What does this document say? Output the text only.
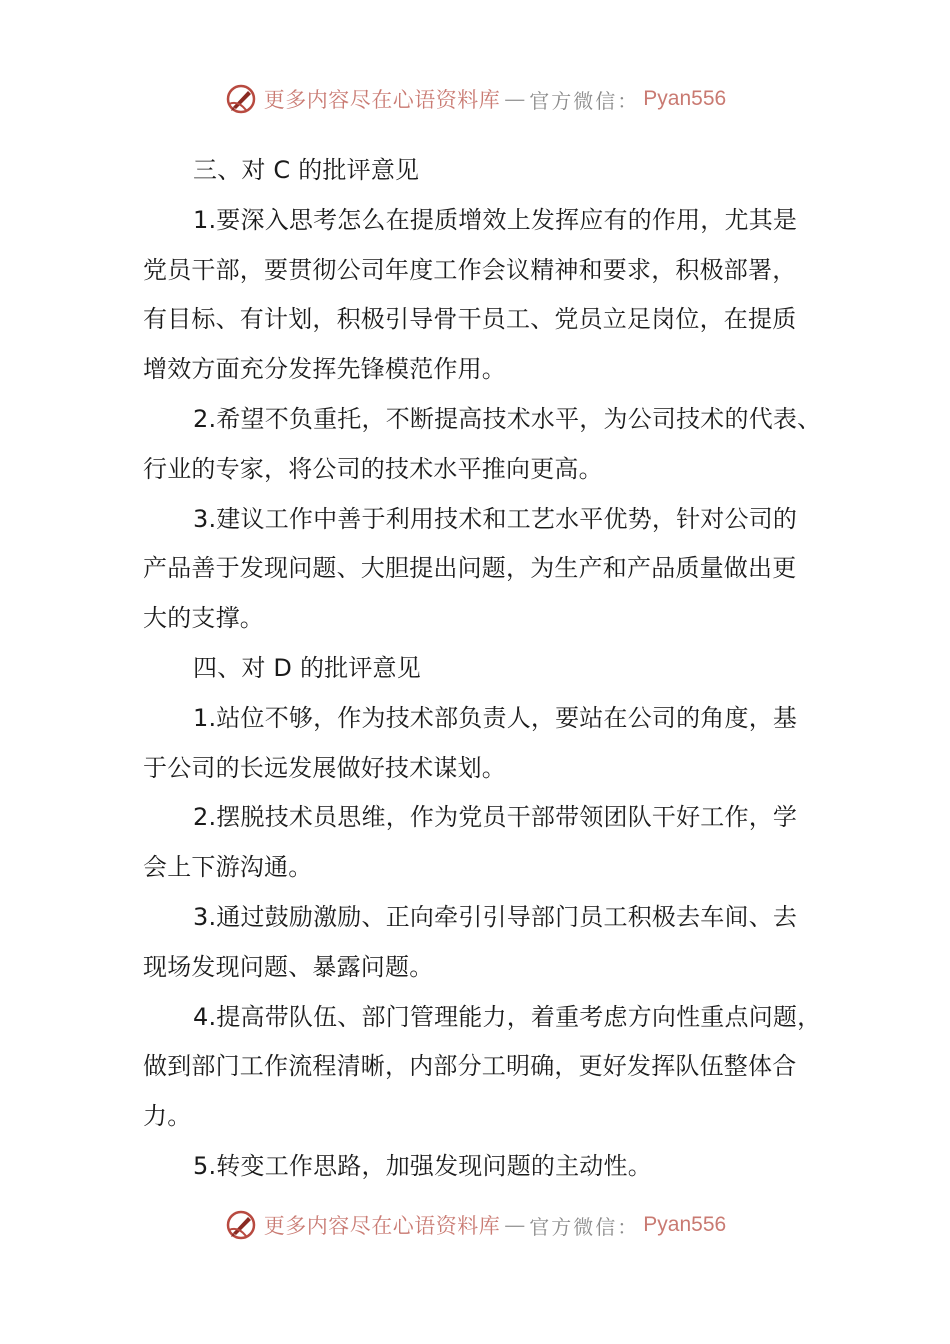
更多内容尽在心语资料库 — 官方微信： Pyan556
三、对 C 的批评意见
1.要深入思考怎么在提质增效上发挥应有的作用，尤其是
党员干部，要贯彻公司年度工作会议精神和要求，积极部署，
有目标、有计划，积极引导骨干员工、党员立足岗位，在提质
增效方面充分发挥先锋模范作用。
2.希望不负重托，不断提高技术水平，为公司技术的代表、
行业的专家，将公司的技术水平推向更高。
3.建议工作中善于利用技术和工艺水平优势，针对公司的
产品善于发现问题、大胆提出问题，为生产和产品质量做出更
大的支撑。
四、对 D 的批评意见
1.站位不够，作为技术部负责人，要站在公司的角度，基
于公司的长远发展做好技术谋划。
2.摆脱技术员思维，作为党员干部带领团队干好工作，学
会上下游沟通。
3.通过鼓励激励、正向牵引引导部门员工积极去车间、去
现场发现问题、暴露问题。
4.提高带队伍、部门管理能力，着重考虑方向性重点问题，
做到部门工作流程清晰，内部分工明确，更好发挥队伍整体合
力。
5.转变工作思路，加强发现问题的主动性。
更多内容尽在心语资料库 — 官方微信： Pyan556
